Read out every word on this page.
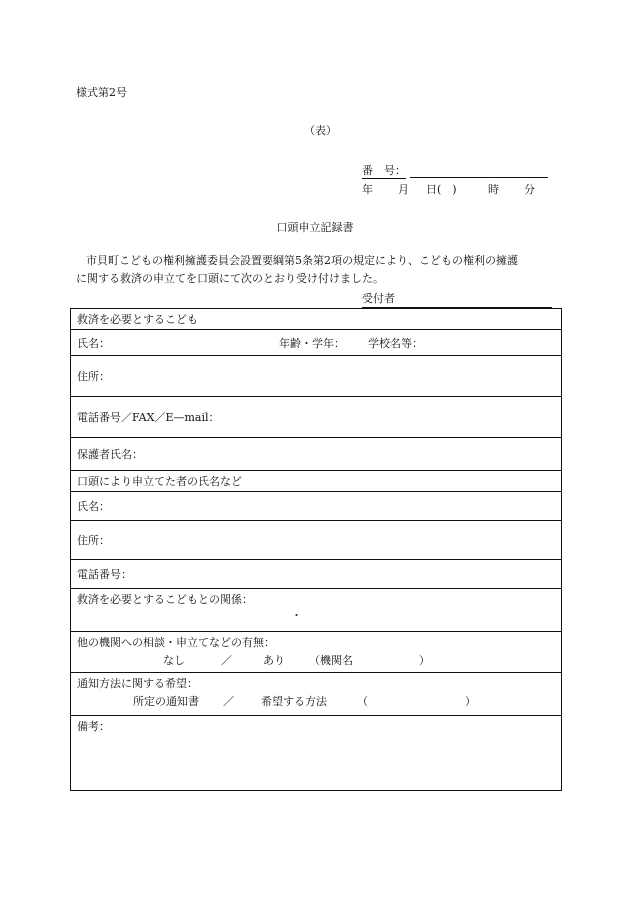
様式第2号
（表）
番　号：
年 月 日(　)	時 分
口頭申立記録書

市貝町こどもの権利擁護委員会設置要綱第5条第2項の規定により、こどもの権利の擁護

に関する救済の申立てを口頭にて次のとおり受け付けました。

受付者
救済を必要とするこども

氏名：	年齢・学年：	学校名等：

住所：
電話番号／FAX／E—mail：
保護者氏名：
口頭により申立てた者の氏名など
氏名：
住所：
電話番号：

救済を必要とするこどもとの関係：
・

他の機関への相談・申立てなどの有無：
なし	／	あり （機関名	）

通知方法に関する希望：
所定の通知書 ／ 希望する方法	（	）

備考：
